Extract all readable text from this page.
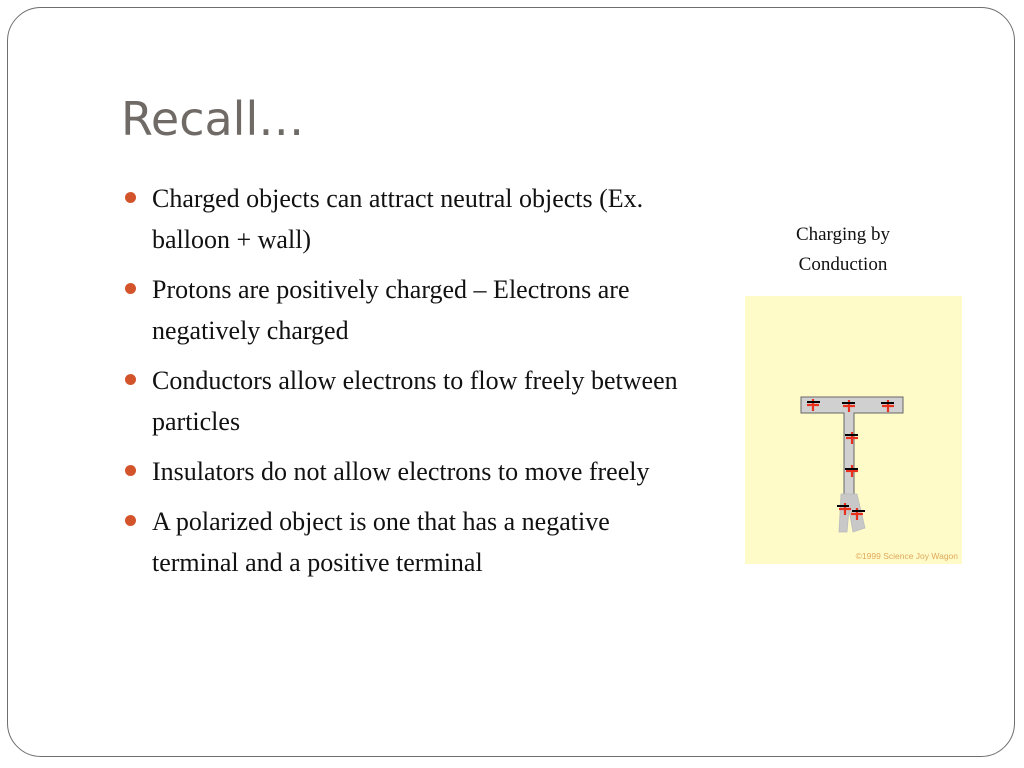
Recall…
Charged objects can attract neutral objects (Ex. balloon + wall)
Protons are positively charged – Electrons are negatively charged
Conductors allow electrons to flow freely between particles
Insulators do not allow electrons to move freely
A polarized object is one that has a negative terminal and a positive terminal
Charging by Conduction
©1999 Science Joy Wagon
